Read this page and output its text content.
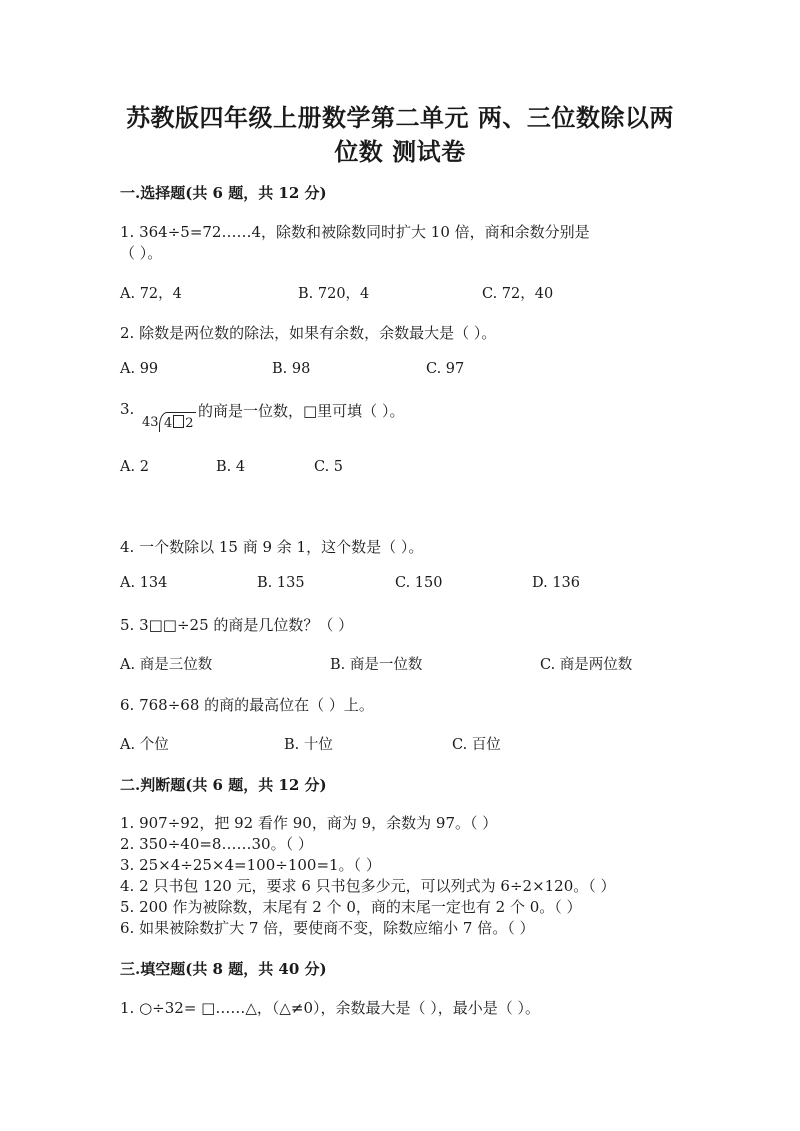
苏教版四年级上册数学第二单元 两、三位数除以两
位数 测试卷
一.选择题(共 6 题，共 12 分)
1. 364÷5=72……4，除数和被除数同时扩大 10 倍，商和余数分别是
（ ）。
A. 72，4	B. 720，4	C. 72，40
2. 除数是两位数的除法，如果有余数，余数最大是（ ）。
A. 99	B. 98	C. 97
3.
43 4 2
的商是一位数，□里可填（ ）。
A. 2	B. 4	C. 5
4. 一个数除以 15 商 9 余 1，这个数是（ ）。
A. 134	B. 135	C. 150	D. 136
5. 3□□÷25 的商是几位数？（ ）
A. 商是三位数	B. 商是一位数	C. 商是两位数
6. 768÷68 的商的最高位在（ ）上。
A. 个位	B. 十位	C. 百位
二.判断题(共 6 题，共 12 分)
1. 907÷92，把 92 看作 90，商为 9，余数为 97。（ ）
2. 350÷40=8……30。（ ）
3. 25×4÷25×4=100÷100=1。（ ）
4. 2 只书包 120 元，要求 6 只书包多少元，可以列式为 6÷2×120。（ ）
5. 200 作为被除数，末尾有 2 个 0，商的末尾一定也有 2 个 0。（ ）
6. 如果被除数扩大 7 倍，要使商不变，除数应缩小 7 倍。（ ）
三.填空题(共 8 题，共 40 分)
1. ○÷32= □……△，（△≠0），余数最大是（ ），最小是（ ）。
